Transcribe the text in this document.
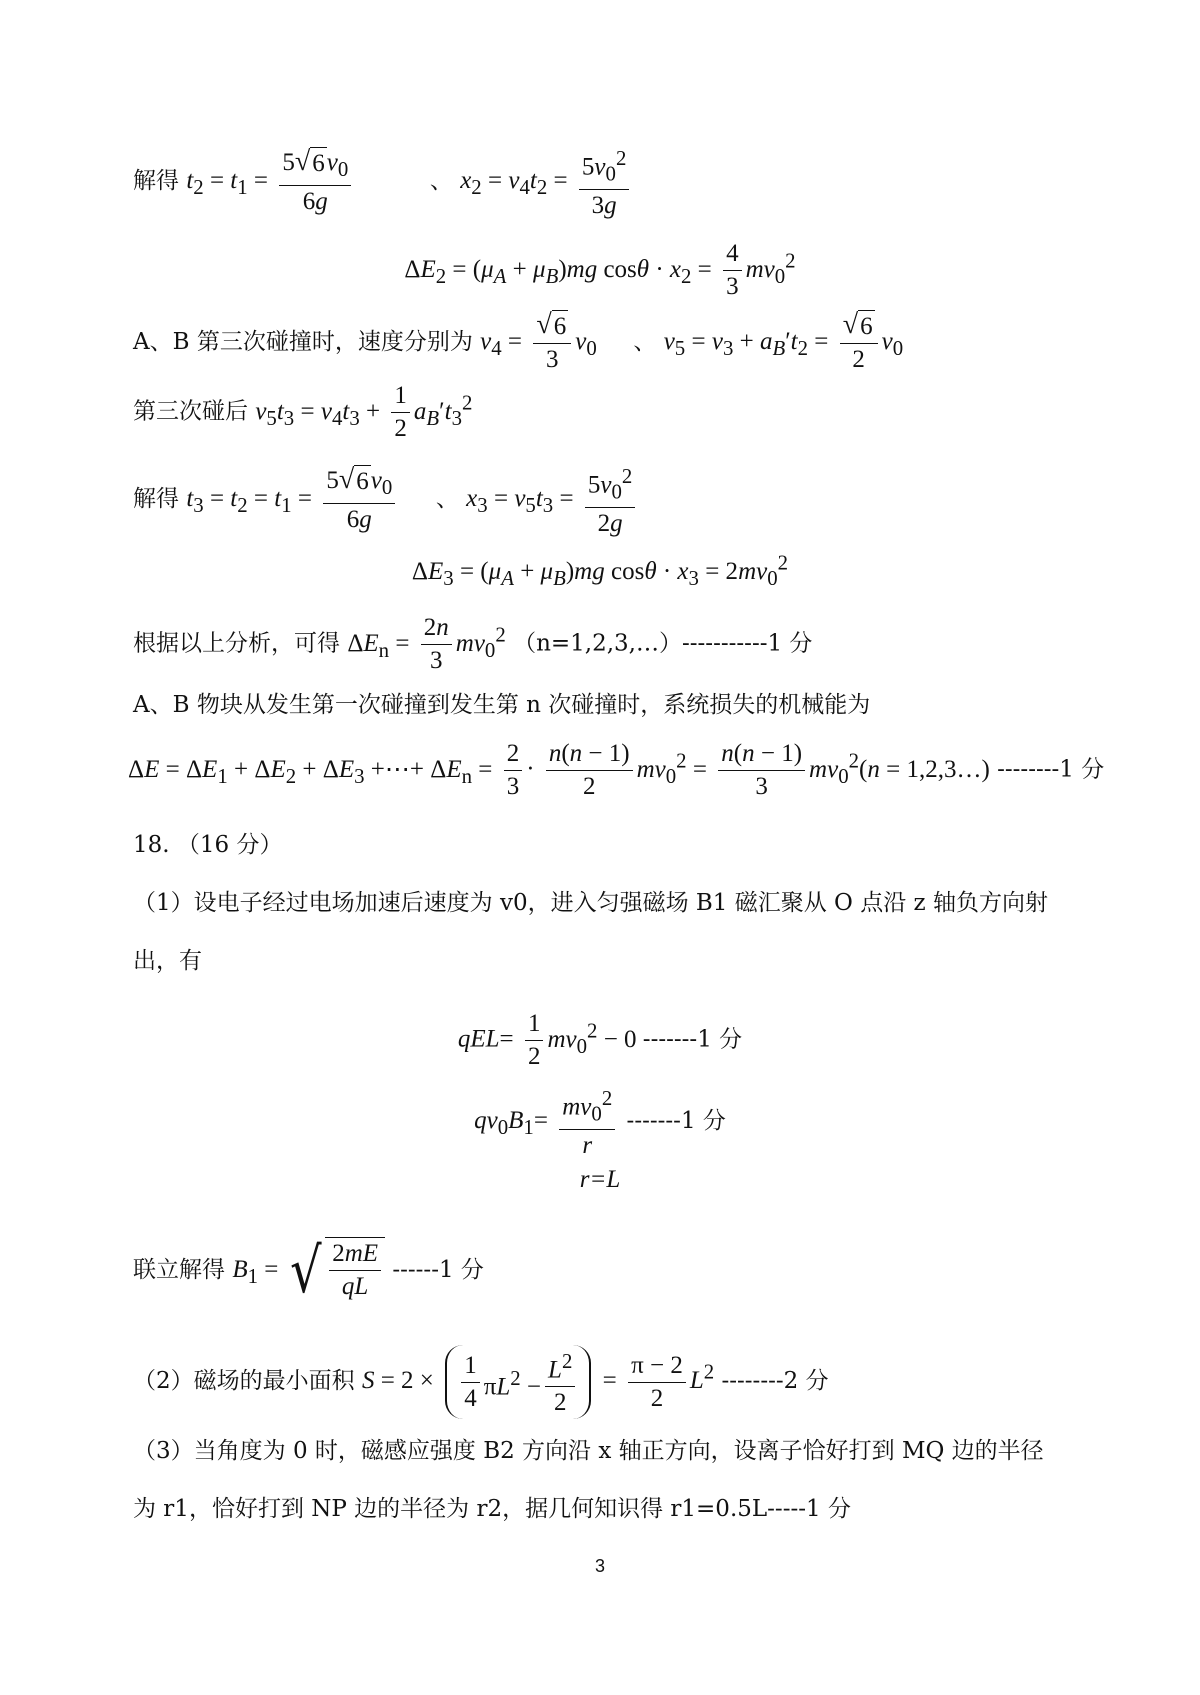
解得 $t_2 = t_1 = \frac{5 √ 6 v_0}{6g}$	、 $x_2 = v_4t_2 = \frac{5v_0^2}{3g}$
$\Delta E_2 = (\mu_A + \mu_B)mg$ $\cos\theta \cdot x_2 = \frac{4}{3} mv_0^2$
A、B 第三次碰撞时，速度分别为 $v_4 = \frac{√ 6}{3} v_0$ 、 $v_5 = v_3 + a_B't_2 = \frac{√ 6}{2} v_0$
第三次碰后 $v_5t_3 = v_4t_3 + \frac{1}{2} a_B't_3^2$
解得 $t_3 = t_2 = t_1 = \frac{5 √ 6 v_0}{6g}$ 、 $x_3 = v_5t_3 = \frac{5v_0^2}{2g}$
$\Delta E_3 = (\mu_A + \mu_B)mg$ $\cos\theta \cdot x_3 = 2mv_0^2$
根据以上分析，可得 $\Delta E_n = \frac{2n}{3} mv_0^2$ （n=1,2,3,…）-----------1 分
A、B 物块从发生第一次碰撞到发生第 n 次碰撞时，系统损失的机械能为
$\Delta E = \Delta E_1 + \Delta E_2 + \Delta E_3$ +⋯+ $\Delta E_n = \frac{2}{3} \cdot \frac{n(n - 1)}{2} mv_0^2 = \frac{n(n - 1)}{3} mv_0^2(n$ = 1,2,3…) --------1 分
18. （16 分）
（1）设电子经过电场加速后速度为 v0，进入匀强磁场 B1 磁汇聚从 O 点沿 z 轴负方向射
出，有
$qEL= \frac{1}{2} mv_0^2 - 0$ -------1 分
$qv_0B_1= \frac{mv_0^2}{r} -------1$ 分
r=L
联立解得 $B_1$ = √ $\frac{2mE}{qL} ------1$ 分
（2）磁场的最小面积 $S = 2 \times \frac{1}{4} \pi L^2 - \frac{L^2}{2} = \frac{\pi - 2}{2} L^2$ --------2 分
（3）当角度为 0 时，磁感应强度 B2 方向沿 x 轴正方向，设离子恰好打到 MQ 边的半径
为 r1，恰好打到 NP 边的半径为 r2，据几何知识得 r1=0.5L-----1 分
3
